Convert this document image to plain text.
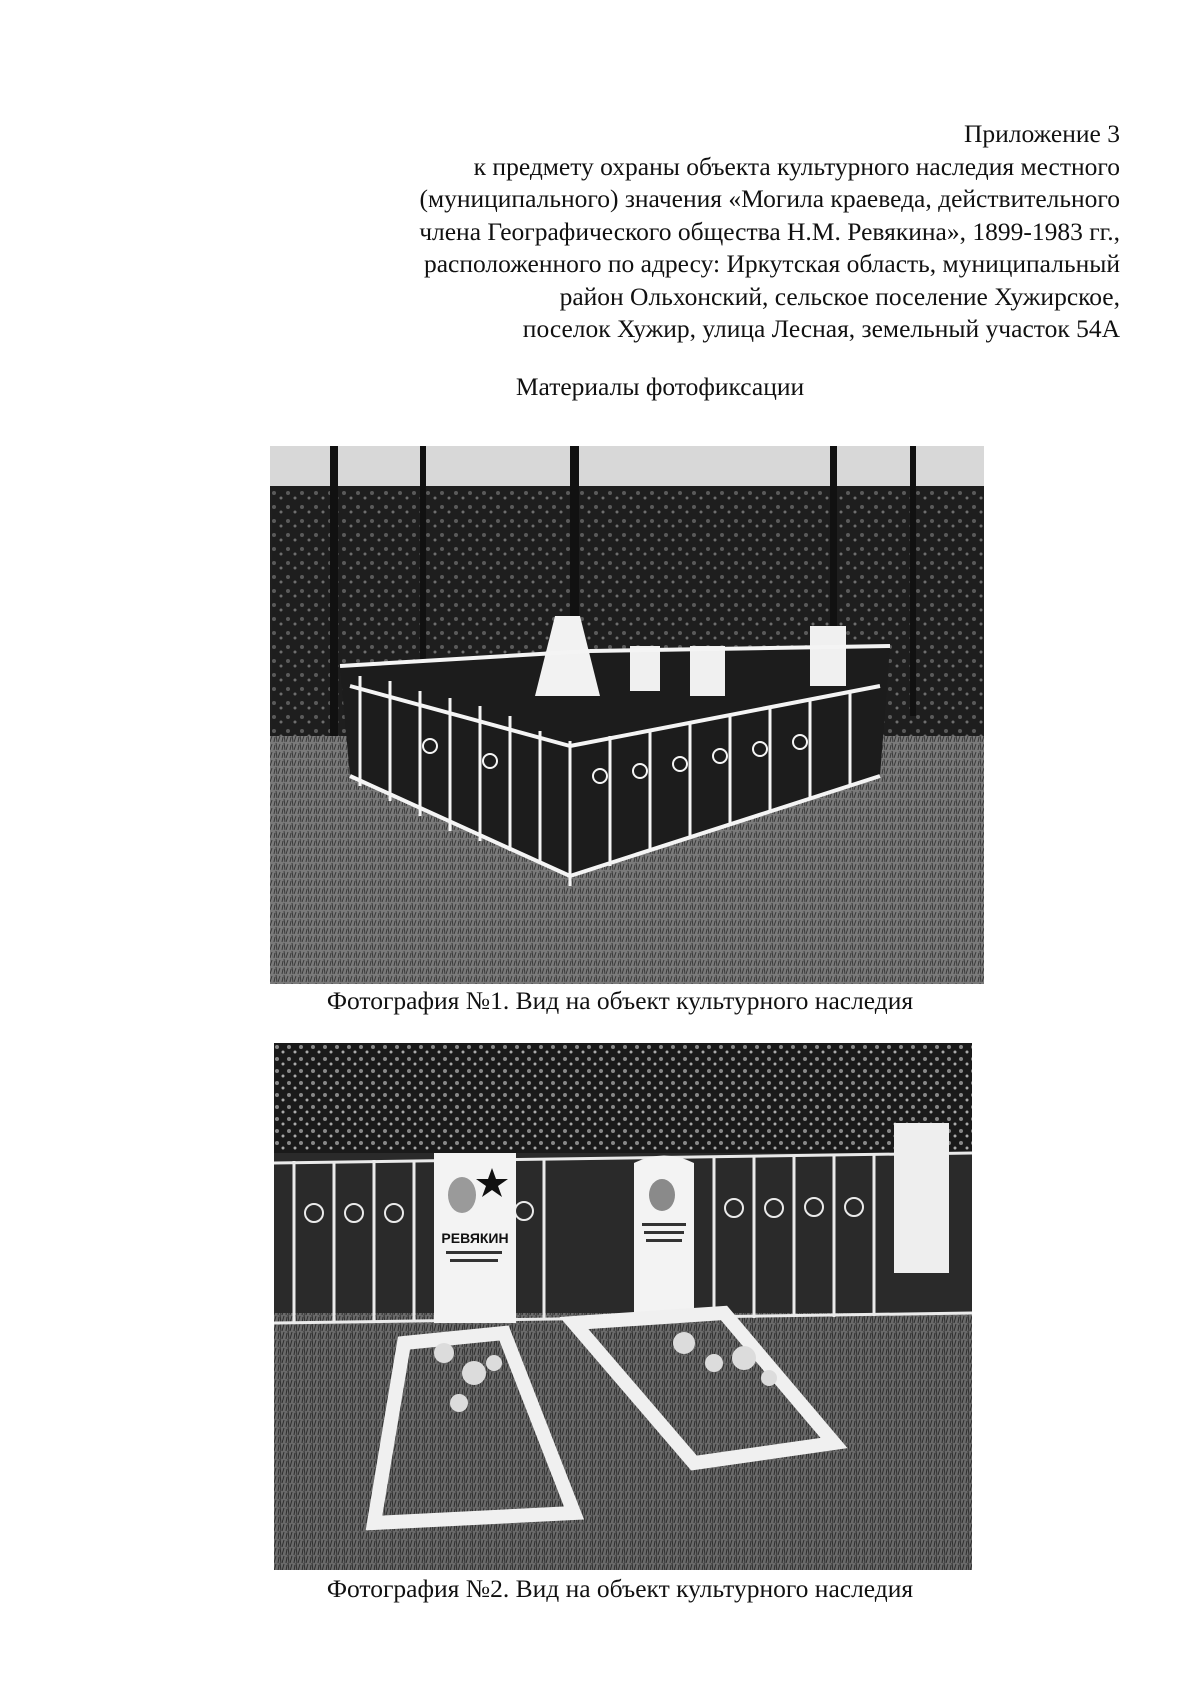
Приложение 3
к предмету охраны объекта культурного наследия местного
(муниципального) значения «Могила краеведа, действительного
члена Географического общества Н.М. Ревякина», 1899-1983 гг.,
расположенного по адресу: Иркутская область, муниципальный
район Ольхонский, сельское поселение Хужирское,
поселок Хужир, улица Лесная, земельный участок 54А
Материалы фотофиксации
Фотография №1. Вид на объект культурного наследия
РЕВЯКИН
Фотография №2. Вид на объект культурного наследия
